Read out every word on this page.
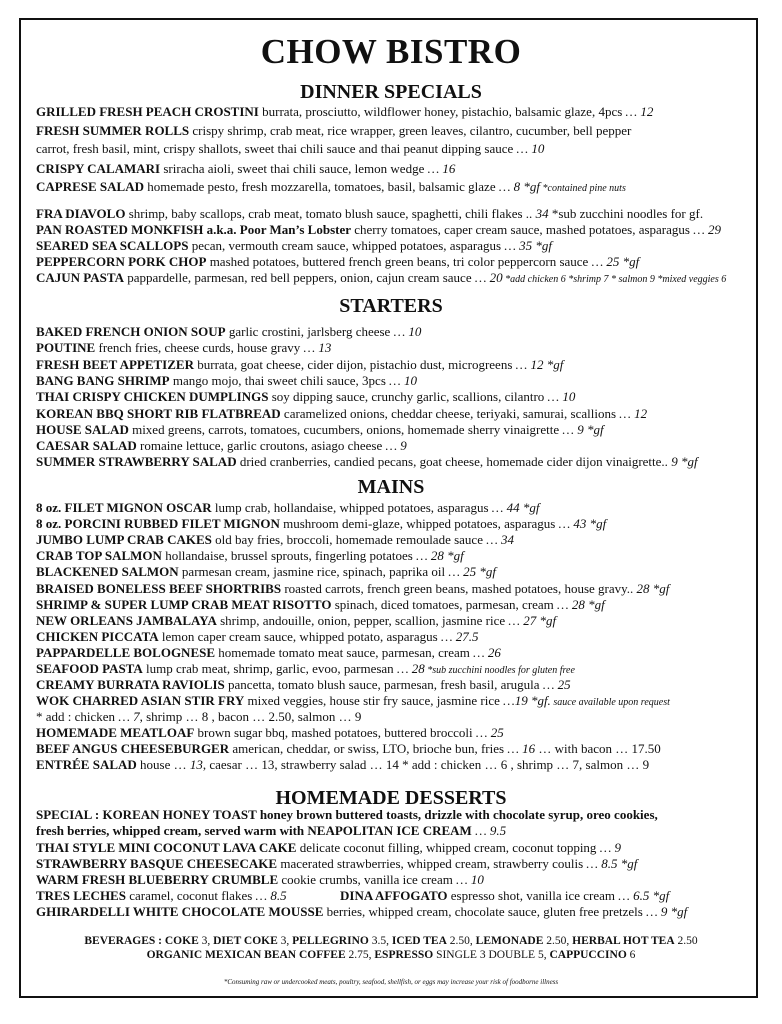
CHOW BISTRO
DINNER SPECIALS
STARTERS
MAINS
HOMEMADE DESSERTS
GRILLED FRESH PEACH CROSTINI burrata, prosciutto, wildflower honey, pistachio, balsamic glaze, 4pcs … 12
FRESH SUMMER ROLLS crispy shrimp, crab meat, rice wrapper, green leaves, cilantro, cucumber, bell pepper
carrot, fresh basil, mint, crispy shallots, sweet thai chili sauce and thai peanut dipping sauce … 10
CRISPY CALAMARI sriracha aioli, sweet thai chili sauce, lemon wedge … 16
CAPRESE SALAD homemade pesto, fresh mozzarella, tomatoes, basil, balsamic glaze … 8 *gf *contained pine nuts
FRA DIAVOLO shrimp, baby scallops, crab meat, tomato blush sauce, spaghetti, chili flakes .. 34 *sub zucchini noodles for gf.
PAN ROASTED MONKFISH a.k.a. Poor Man’s Lobster cherry tomatoes, caper cream sauce, mashed potatoes, asparagus … 29
SEARED SEA SCALLOPS pecan, vermouth cream sauce, whipped potatoes, asparagus … 35 *gf
PEPPERCORN PORK CHOP mashed potatoes, buttered french green beans, tri color peppercorn sauce … 25 *gf
CAJUN PASTA pappardelle, parmesan, red bell peppers, onion, cajun cream sauce … 20 *add chicken 6 *shrimp 7 * salmon 9 *mixed veggies 6
BAKED FRENCH ONION SOUP garlic crostini, jarlsberg cheese … 10
POUTINE french fries, cheese curds, house gravy … 13
FRESH BEET APPETIZER burrata, goat cheese, cider dijon, pistachio dust, microgreens … 12 *gf
BANG BANG SHRIMP mango mojo, thai sweet chili sauce, 3pcs … 10
THAI CRISPY CHICKEN DUMPLINGS soy dipping sauce, crunchy garlic, scallions, cilantro … 10
KOREAN BBQ SHORT RIB FLATBREAD caramelized onions, cheddar cheese, teriyaki, samurai, scallions … 12
HOUSE SALAD mixed greens, carrots, tomatoes, cucumbers, onions, homemade sherry vinaigrette … 9 *gf
CAESAR SALAD romaine lettuce, garlic croutons, asiago cheese … 9
SUMMER STRAWBERRY SALAD dried cranberries, candied pecans, goat cheese, homemade cider dijon vinaigrette.. 9 *gf
8 oz. FILET MIGNON OSCAR lump crab, hollandaise, whipped potatoes, asparagus … 44 *gf
8 oz. PORCINI RUBBED FILET MIGNON mushroom demi-glaze, whipped potatoes, asparagus … 43 *gf
JUMBO LUMP CRAB CAKES old bay fries, broccoli, homemade remoulade sauce … 34
CRAB TOP SALMON hollandaise, brussel sprouts, fingerling potatoes … 28 *gf
BLACKENED SALMON parmesan cream, jasmine rice, spinach, paprika oil … 25 *gf
BRAISED BONELESS BEEF SHORTRIBS roasted carrots, french green beans, mashed potatoes, house gravy.. 28 *gf
SHRIMP & SUPER LUMP CRAB MEAT RISOTTO spinach, diced tomatoes, parmesan, cream … 28 *gf
NEW ORLEANS JAMBALAYA shrimp, andouille, onion, pepper, scallion, jasmine rice … 27 *gf
CHICKEN PICCATA lemon caper cream sauce, whipped potato, asparagus … 27.5
PAPPARDELLE BOLOGNESE homemade tomato meat sauce, parmesan, cream … 26
SEAFOOD PASTA lump crab meat, shrimp, garlic, evoo, parmesan … 28 *sub zucchini noodles for gluten free
CREAMY BURRATA RAVIOLIS pancetta, tomato blush sauce, parmesan, fresh basil, arugula … 25
WOK CHARRED ASIAN STIR FRY mixed veggies, house stir fry sauce, jasmine rice …19 *gf. sauce available upon request
* add : chicken … 7, shrimp … 8 , bacon … 2.50, salmon … 9
HOMEMADE MEATLOAF brown sugar bbq, mashed potatoes, buttered broccoli … 25
BEEF ANGUS CHEESEBURGER american, cheddar, or swiss, LTO, brioche bun, fries … 16 … with bacon … 17.50
ENTRÉE SALAD house … 13, caesar … 13, strawberry salad … 14 * add : chicken … 6 , shrimp … 7, salmon … 9
SPECIAL : KOREAN HONEY TOAST honey brown buttered toasts, drizzle with chocolate syrup, oreo cookies,
fresh berries, whipped cream, served warm with NEAPOLITAN ICE CREAM … 9.5
THAI STYLE MINI COCONUT LAVA CAKE delicate coconut filling, whipped cream, coconut topping … 9
STRAWBERRY BASQUE CHEESECAKE macerated strawberries, whipped cream, strawberry coulis … 8.5 *gf
WARM FRESH BLUEBERRY CRUMBLE cookie crumbs, vanilla ice cream … 10
TRES LECHES caramel, coconut flakes … 8.5
GHIRARDELLI WHITE CHOCOLATE MOUSSE berries, whipped cream, chocolate sauce, gluten free pretzels … 9 *gf
DINA AFFOGATO espresso shot, vanilla ice cream … 6.5 *gf
BEVERAGES : COKE 3, DIET COKE 3, PELLEGRINO 3.5, ICED TEA 2.50, LEMONADE 2.50, HERBAL HOT TEA 2.50
ORGANIC MEXICAN BEAN COFFEE 2.75, ESPRESSO SINGLE 3 DOUBLE 5, CAPPUCCINO 6
*Consuming raw or undercooked meats, poultry, seafood, shellfish, or eggs may increase your risk of foodborne illness
